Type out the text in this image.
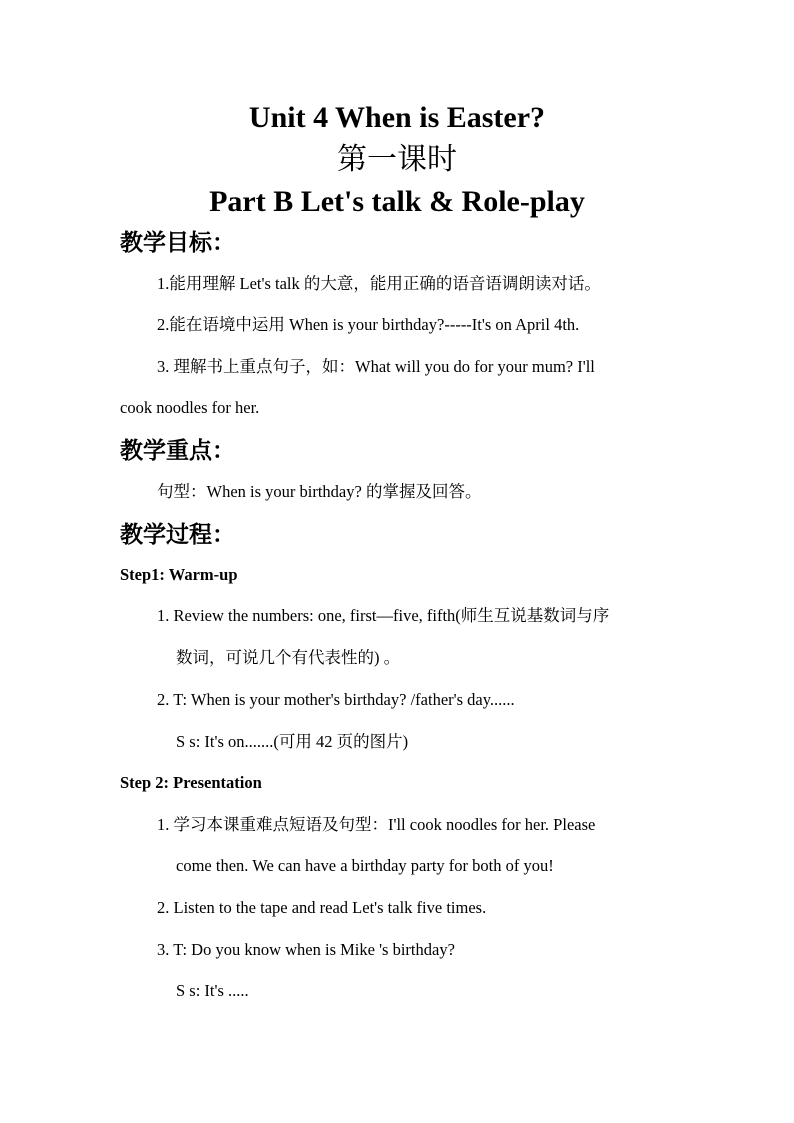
Unit 4 When is Easter?
第一课时
Part B Let's talk & Role-play
教学目标：
1.能用理解 Let's talk 的大意，能用正确的语音语调朗读对话。
2.能在语境中运用 When is your birthday?-----It's on April 4th.
3. 理解书上重点句子，如：What will you do for your mum? I'll
cook noodles for her.
教学重点：
句型：When is your birthday? 的掌握及回答。
教学过程：
Step1: Warm-up
1. Review the numbers: one, first—five, fifth(师生互说基数词与序
数词，可说几个有代表性的) 。
2. T: When is your mother's birthday? /father's day......
S s: It's on.......(可用 42 页的图片)
Step 2: Presentation
1. 学习本课重难点短语及句型：I'll cook noodles for her. Please
come then. We can have a birthday party for both of you!
2. Listen to the tape and read Let's talk five times.
3. T: Do you know when is Mike 's birthday?
S s: It's .....
